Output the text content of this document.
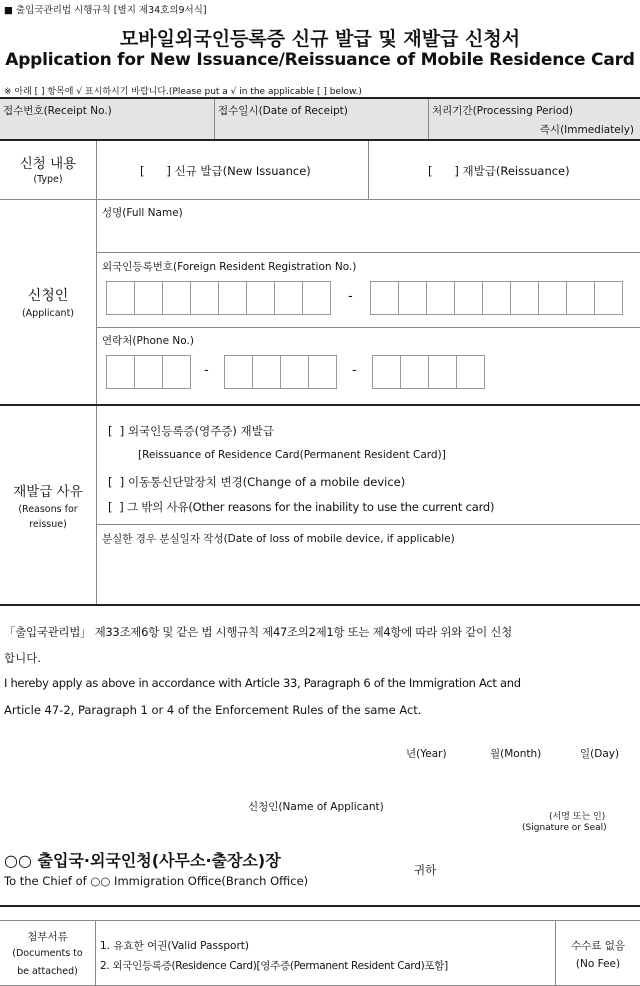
■ 출입국관리법 시행규칙 [별지 제34호의9서식]
모바일외국인등록증 신규 발급 및 재발급 신청서
Application for New Issuance/Reissuance of Mobile Residence Card
※ 아래 [ ] 항목에 √ 표시하시기 바랍니다.(Please put a √ in the applicable [ ] below.)
접수번호(Receipt No.)	접수일시(Date of Receipt)	처리기간(Processing Period)
즉시(Immediately)
신청 내용
(Type)
[      ] 신규 발급(New Issuance)	[      ] 재발급(Reissuance)
신청인
(Applicant)
성명(Full Name)
외국인등록번호(Foreign Resident Registration No.)
-
연락처(Phone No.)
-	-
재발급 사유
(Reasons for reissue)
[  ] 외국인등록증(영주증) 재발급
[Reissuance of Residence Card(Permanent Resident Card)]
[  ] 이동통신단말장치 변경(Change of a mobile device)
[  ] 그 밖의 사유(Other reasons for the inability to use the current card)
분실한 경우 분실일자 작성(Date of loss of mobile device, if applicable)
「출입국관리법」 제33조제6항 및 같은 법 시행규칙 제47조의2제1항 또는 제4항에 따라 위와 같이 신청
합니다.
I hereby apply as above in accordance with Article 33, Paragraph 6 of the Immigration Act and
Article 47-2, Paragraph 1 or 4 of the Enforcement Rules of the same Act.
년(Year)	월(Month)	일(Day)
신청인(Name of Applicant)
(서명 또는 인)
(Signature or Seal)
○○ 출입국·외국인청(사무소·출장소)장
To the Chief of ○○ Immigration Office(Branch Office)
귀하
첨부서류
(Documents to
be attached)
1. 유효한 여권(Valid Passport)
2. 외국인등록증(Residence Card)[영주증(Permanent Resident Card)포함]
수수료 없음
(No Fee)
